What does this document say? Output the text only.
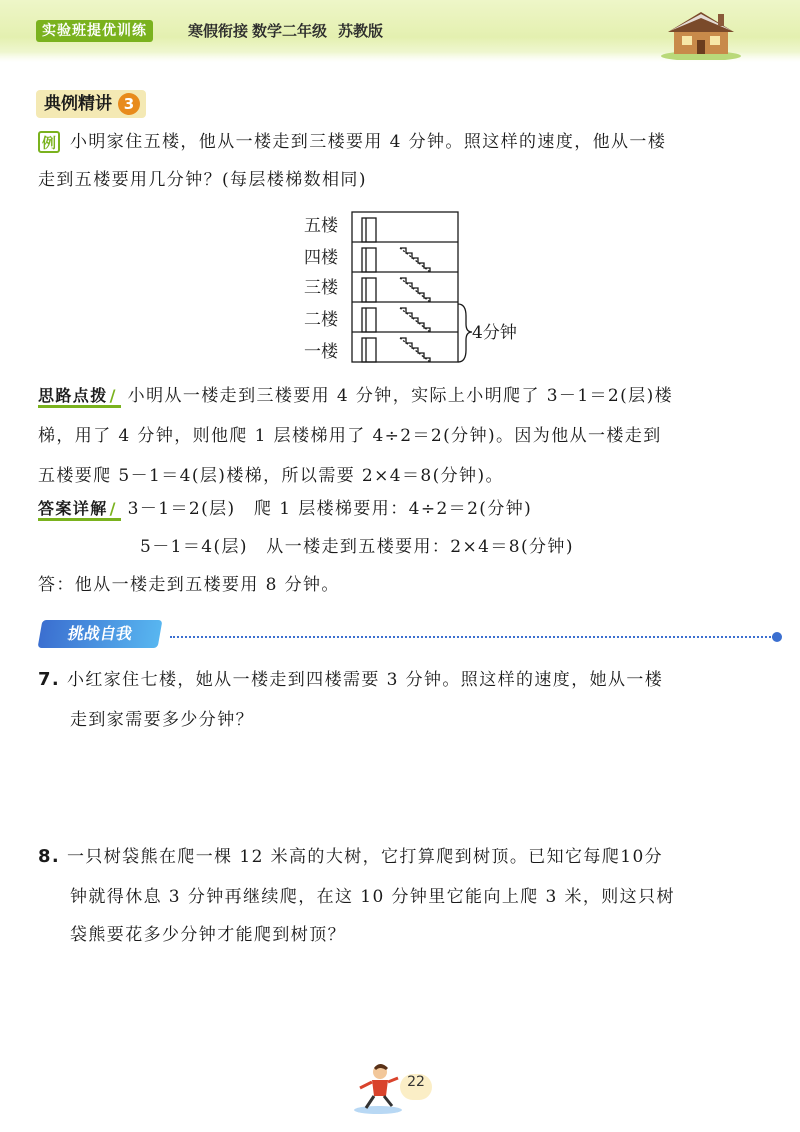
实验班提优训练	寒假衔接 数学二年级 苏教版
典例精讲 3
例 小明家住五楼，他从一楼走到三楼要用 4 分钟。照这样的速度，他从一楼
走到五楼要用几分钟？(每层楼梯数相同)
五楼
四楼
三楼
二楼
一楼
4分钟
思路点拨 / 小明从一楼走到三楼要用 4 分钟，实际上小明爬了 3－1＝2(层)楼
梯，用了 4 分钟，则他爬 1 层楼梯用了 4÷2＝2(分钟)。因为他从一楼走到
五楼要爬 5－1＝4(层)楼梯，所以需要 2×4＝8(分钟)。
答案详解 / 3－1＝2(层)　爬 1 层楼梯要用：4÷2＝2(分钟)
5－1＝4(层)　从一楼走到五楼要用：2×4＝8(分钟)
答：他从一楼走到五楼要用 8 分钟。
挑战自我
7. 小红家住七楼，她从一楼走到四楼需要 3 分钟。照这样的速度，她从一楼
走到家需要多少分钟？
8. 一只树袋熊在爬一棵 12 米高的大树，它打算爬到树顶。已知它每爬10分
钟就得休息 3 分钟再继续爬，在这 10 分钟里它能向上爬 3 米，则这只树
袋熊要花多少分钟才能爬到树顶？
22
